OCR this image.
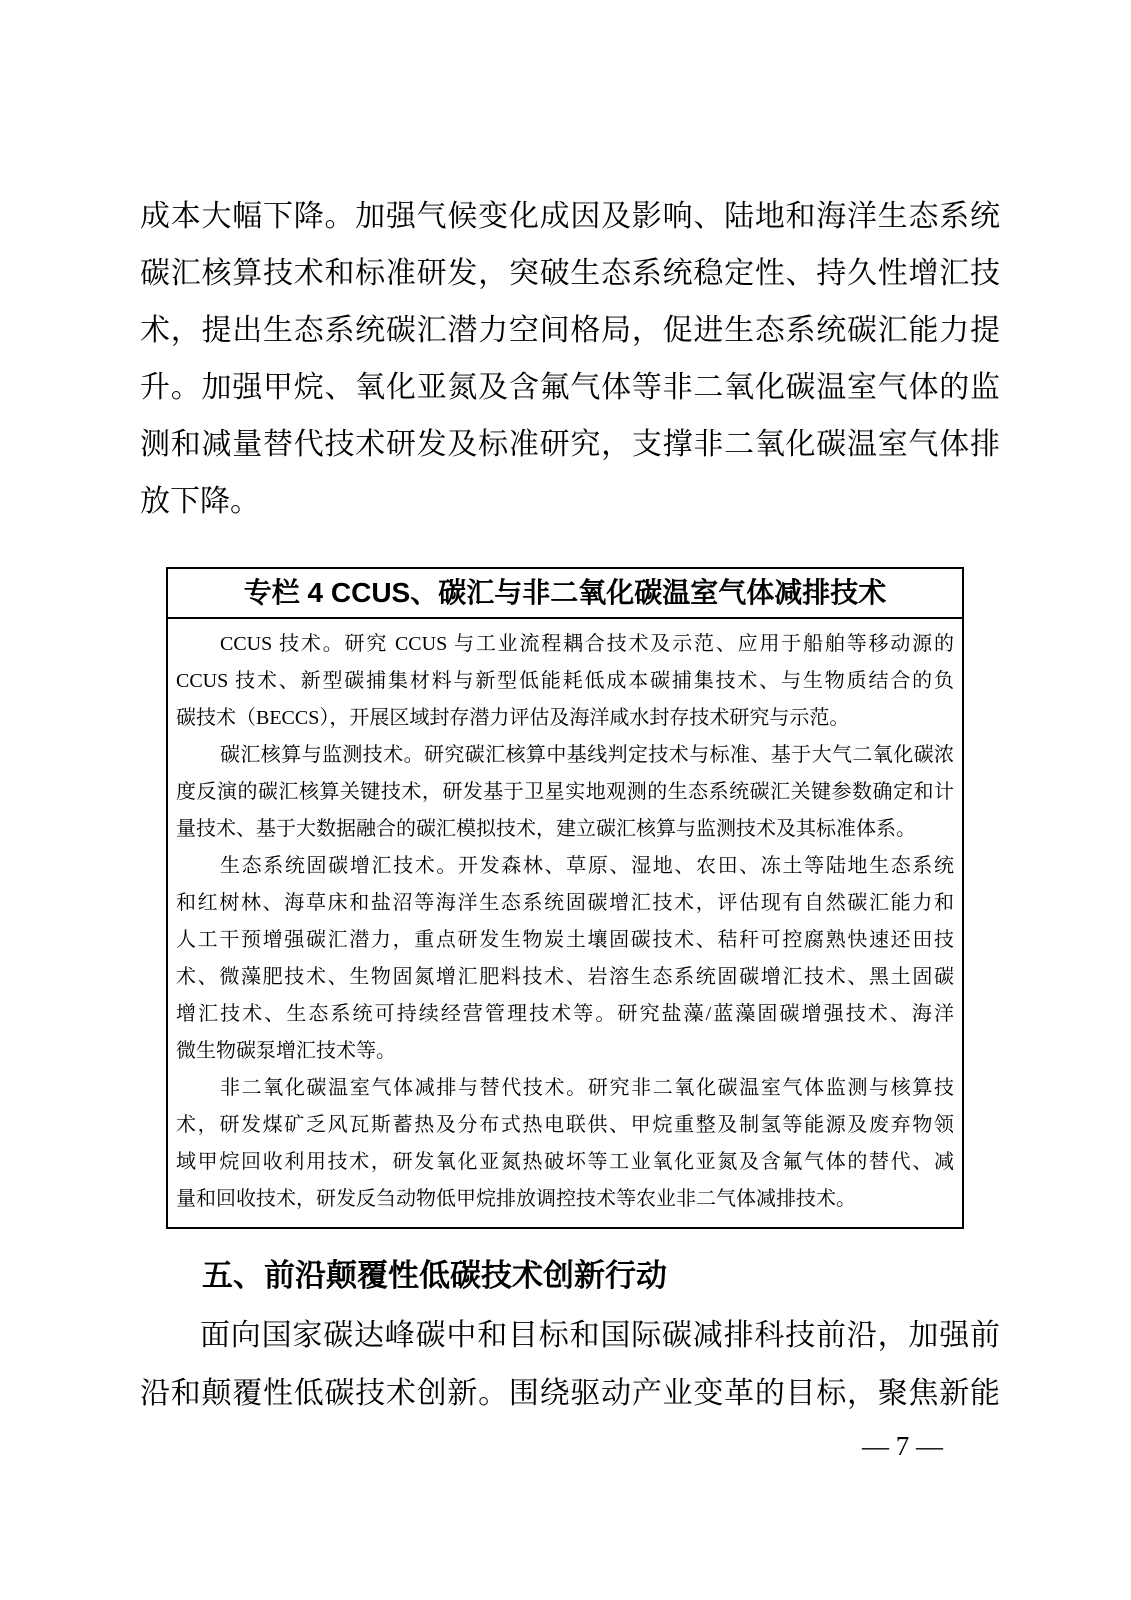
成本大幅下降。加强气候变化成因及影响、陆地和海洋生态系统
碳汇核算技术和标准研发，突破生态系统稳定性、持久性增汇技
术，提出生态系统碳汇潜力空间格局，促进生态系统碳汇能力提
升。加强甲烷、氧化亚氮及含氟气体等非二氧化碳温室气体的监
测和减量替代技术研发及标准研究，支撑非二氧化碳温室气体排
放下降。
专栏 4 CCUS、碳汇与非二氧化碳温室气体减排技术
CCUS 技术。研究 CCUS 与工业流程耦合技术及示范、应用于船舶等移动源的
CCUS 技术、新型碳捕集材料与新型低能耗低成本碳捕集技术、与生物质结合的负
碳技术（BECCS），开展区域封存潜力评估及海洋咸水封存技术研究与示范。
碳汇核算与监测技术。研究碳汇核算中基线判定技术与标准、基于大气二氧化碳浓
度反演的碳汇核算关键技术，研发基于卫星实地观测的生态系统碳汇关键参数确定和计
量技术、基于大数据融合的碳汇模拟技术，建立碳汇核算与监测技术及其标准体系。
生态系统固碳增汇技术。开发森林、草原、湿地、农田、冻土等陆地生态系统
和红树林、海草床和盐沼等海洋生态系统固碳增汇技术，评估现有自然碳汇能力和
人工干预增强碳汇潜力，重点研发生物炭土壤固碳技术、秸秆可控腐熟快速还田技
术、微藻肥技术、生物固氮增汇肥料技术、岩溶生态系统固碳增汇技术、黑土固碳
增汇技术、生态系统可持续经营管理技术等。研究盐藻/蓝藻固碳增强技术、海洋
微生物碳泵增汇技术等。
非二氧化碳温室气体减排与替代技术。研究非二氧化碳温室气体监测与核算技
术，研发煤矿乏风瓦斯蓄热及分布式热电联供、甲烷重整及制氢等能源及废弃物领
域甲烷回收利用技术，研发氧化亚氮热破坏等工业氧化亚氮及含氟气体的替代、减
量和回收技术，研发反刍动物低甲烷排放调控技术等农业非二气体减排技术。
五、前沿颠覆性低碳技术创新行动
面向国家碳达峰碳中和目标和国际碳减排科技前沿，加强前
沿和颠覆性低碳技术创新。围绕驱动产业变革的目标，聚焦新能
— 7 —
